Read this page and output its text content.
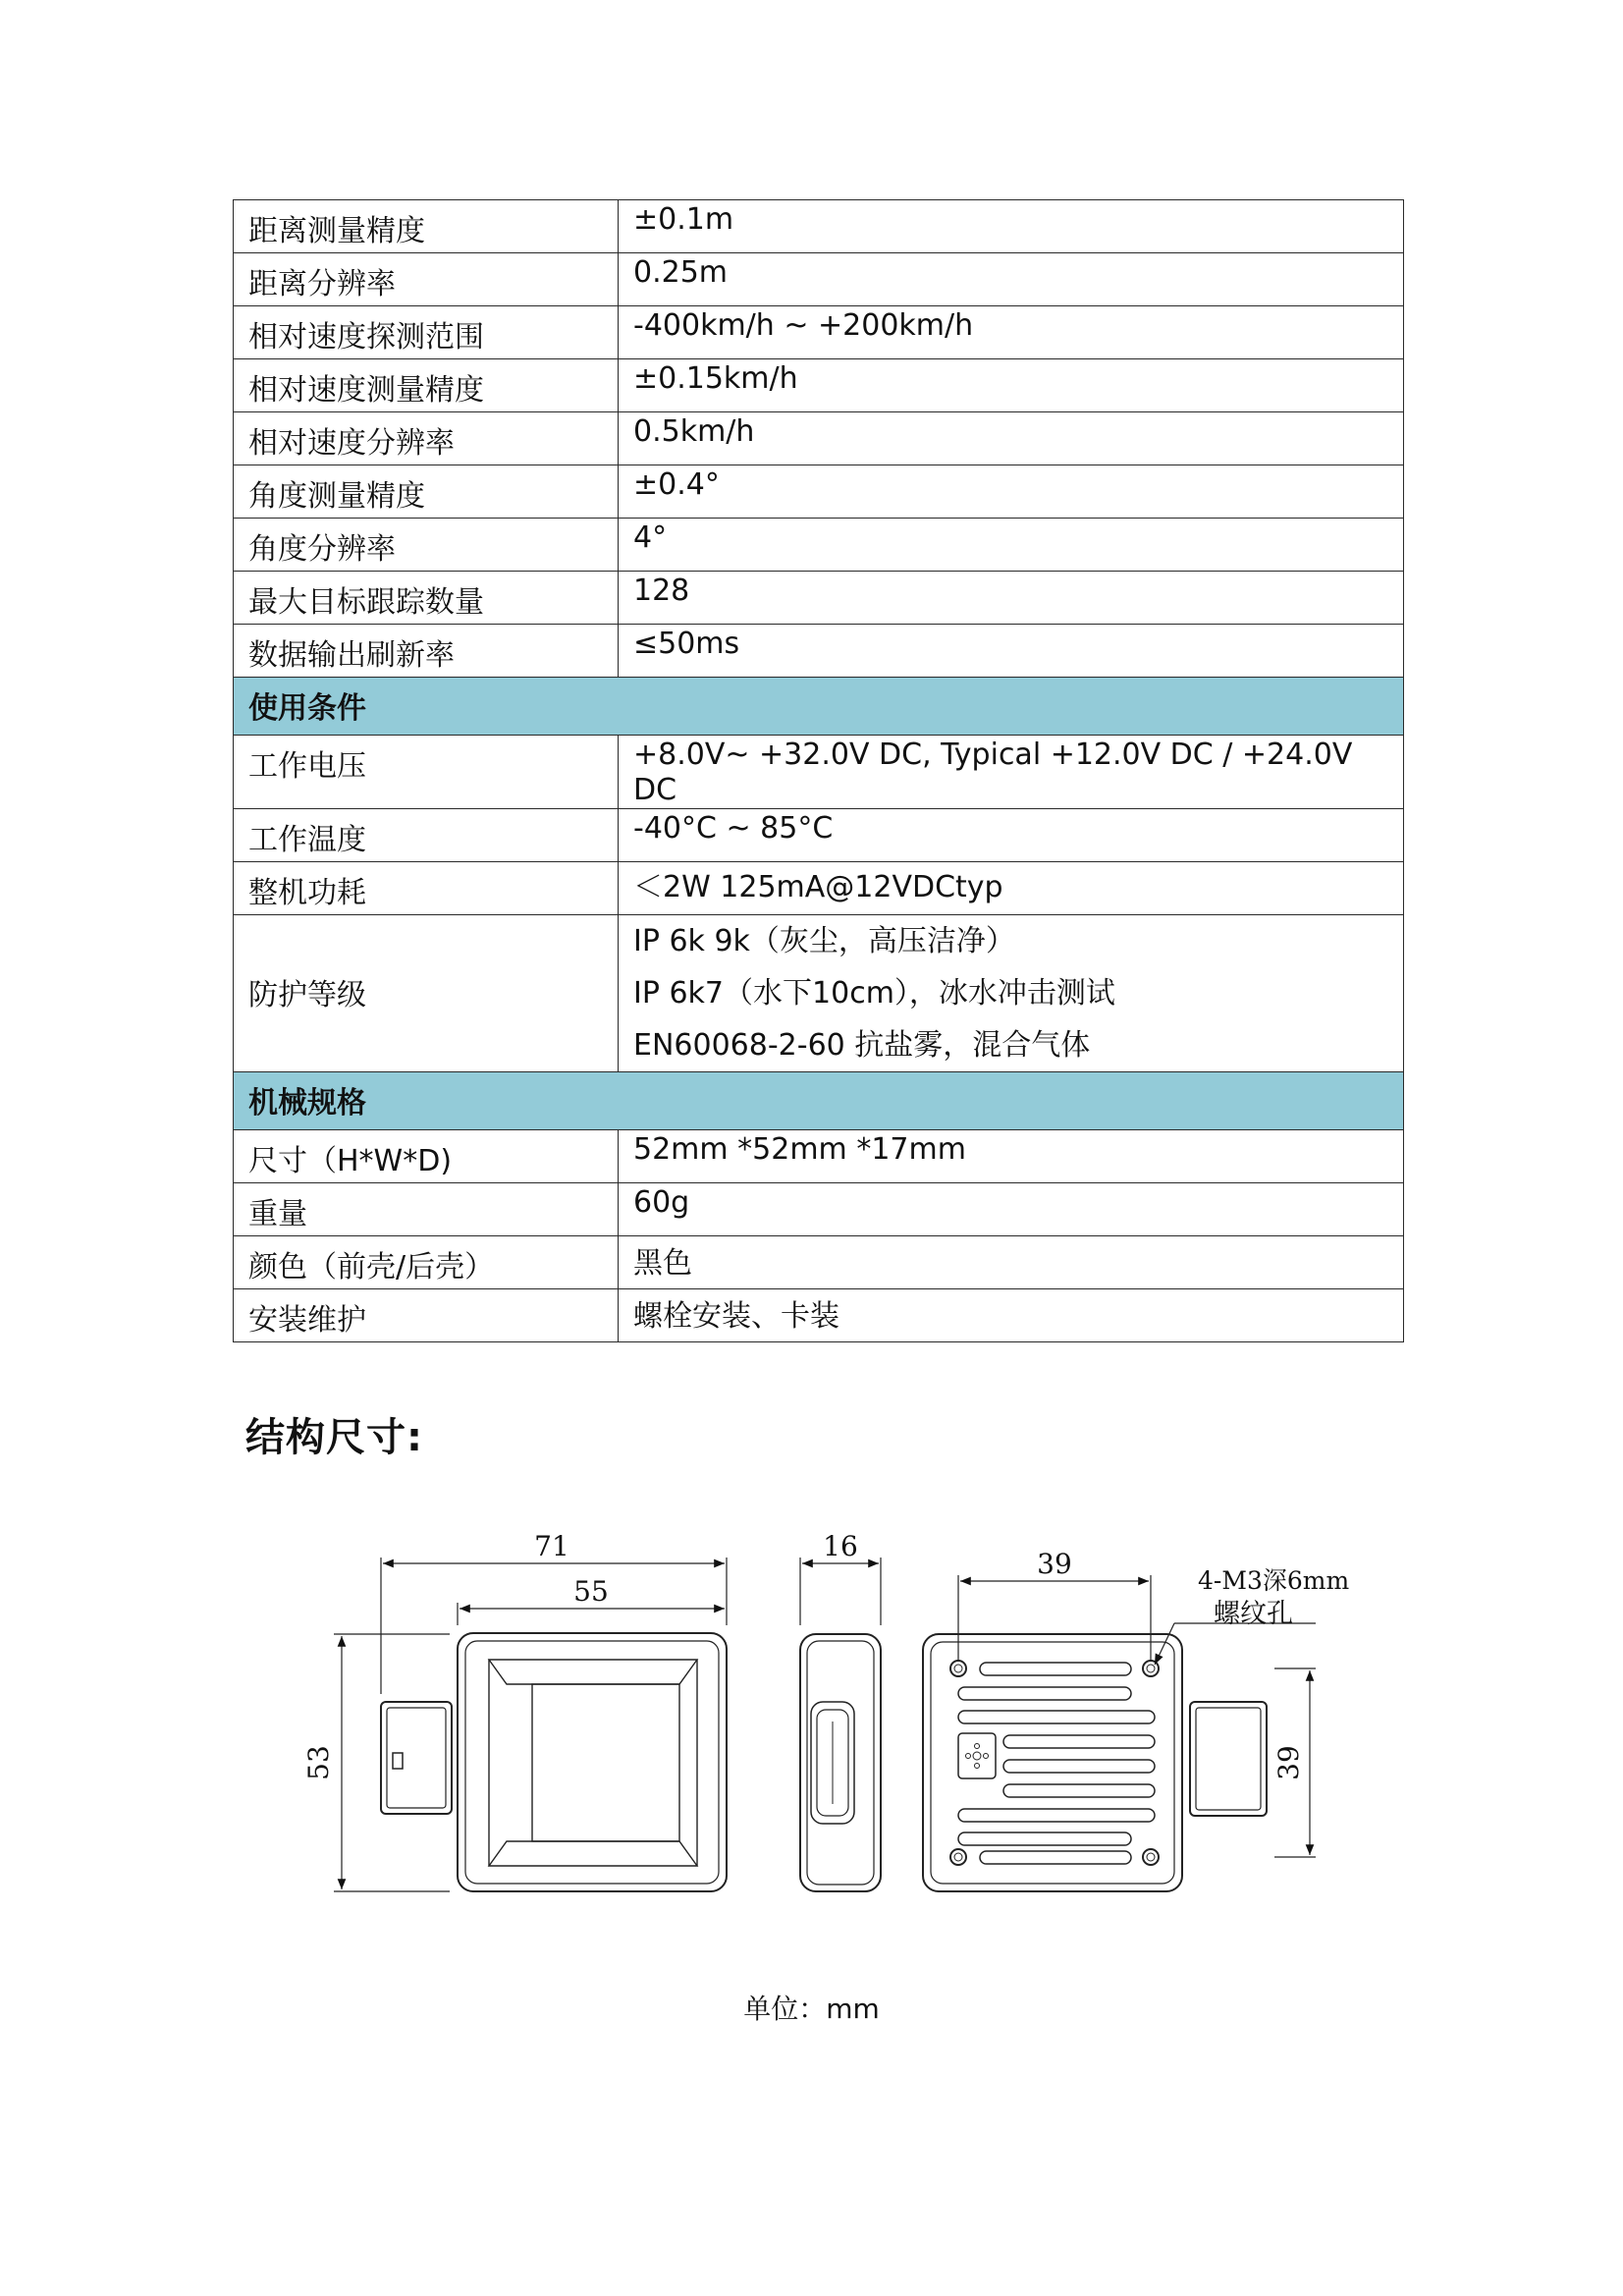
距离测量精度	±0.1m
距离分辨率	0.25m
相对速度探测范围	-400km/h ~ +200km/h
相对速度测量精度	±0.15km/h
相对速度分辨率	0.5km/h
角度测量精度	±0.4°
角度分辨率	4°
最大目标跟踪数量	128
数据输出刷新率	≤50ms
使用条件	
工作电压	+8.0V~ +32.0V DC, Typical +12.0V DC / +24.0V DC
工作温度	-40°C ~ 85°C
整机功耗	＜2W 125mA@12VDCtyp
防护等级	IP 6k 9k（灰尘，高压洁净）
IP 6k7（水下10cm），冰水冲击测试
EN60068-2-60 抗盐雾，混合气体

机械规格	
尺寸（H*W*D)	52mm *52mm *17mm
重量	60g
颜色（前壳/后壳）	黑色
安装维护	螺栓安装、卡装
结构尺寸:
71
55
53
16
39
39
4-M3深6mm
螺纹孔
单位：mm
